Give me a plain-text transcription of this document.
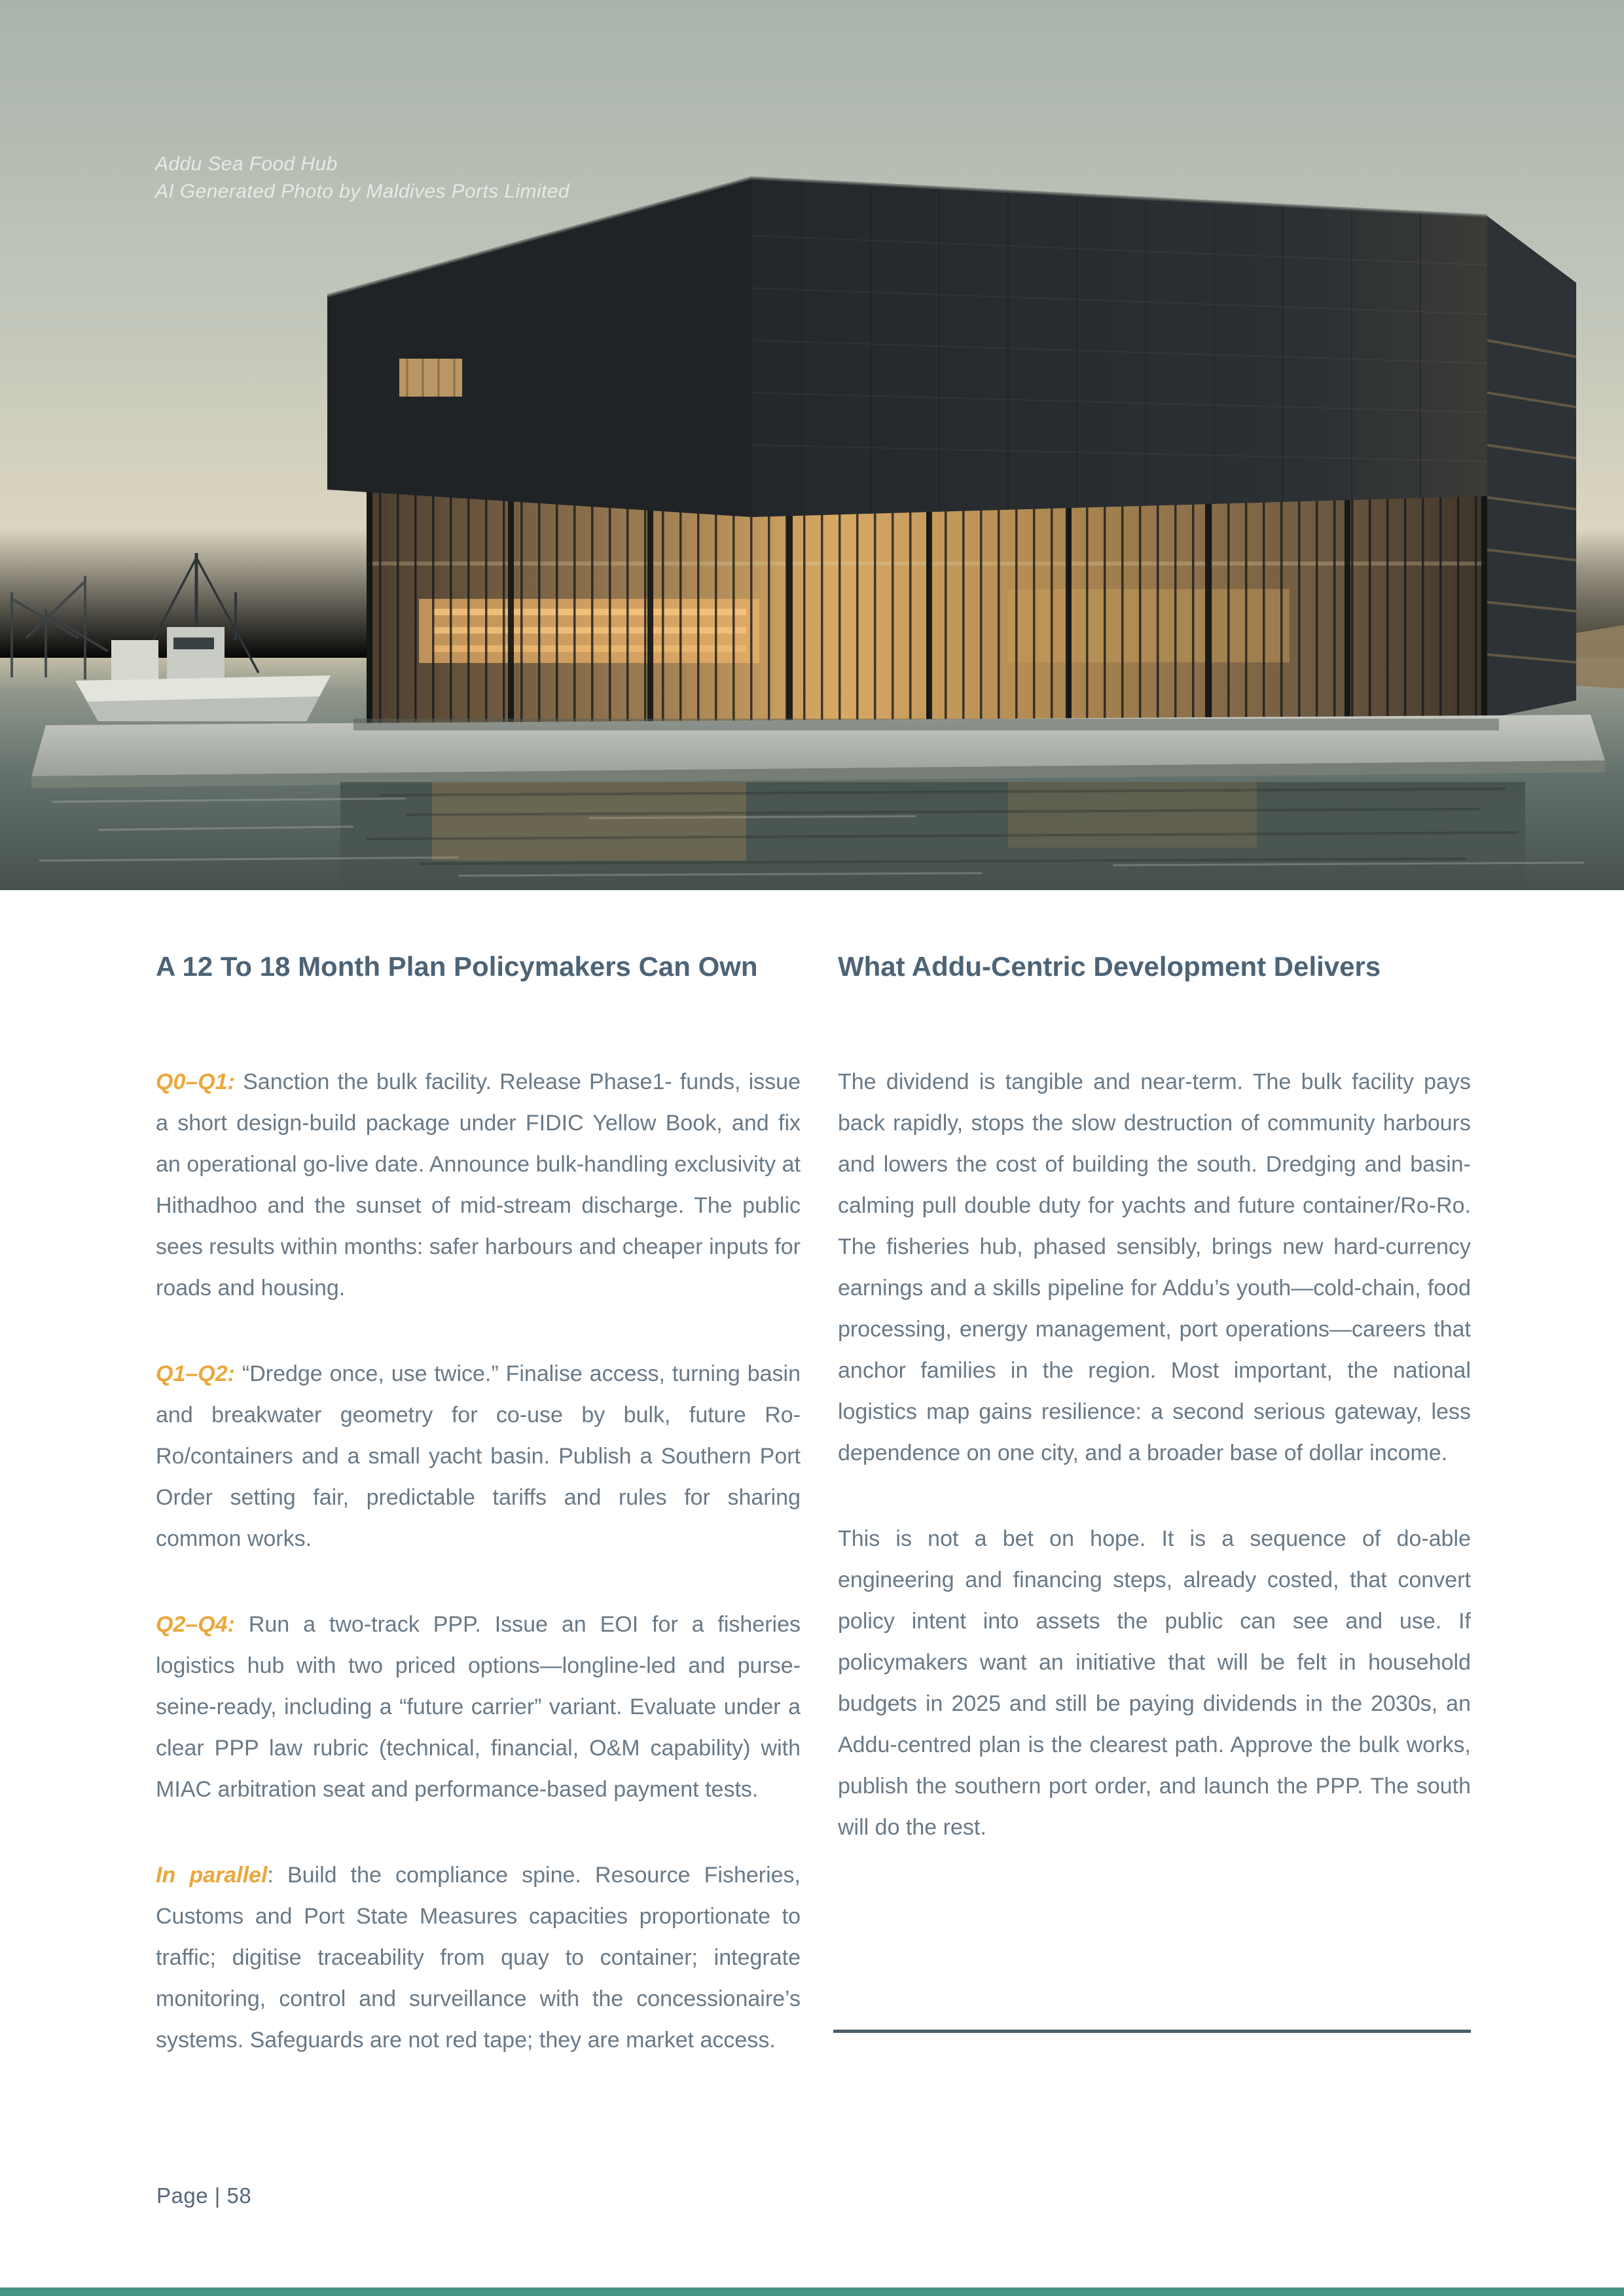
Addu Sea Food Hub
AI Generated Photo by Maldives Ports Limited
A 12 To 18 Month Plan Policymakers Can Own

Q0–Q1: Sanction the bulk facility. Release Phase1- funds, issue a short design-build package under FIDIC Yellow Book, and fix an operational go-live date. Announce bulk-handling exclusivity at Hithadhoo and the sunset of mid-stream discharge. The public sees results within months: safer harbours and cheaper inputs for roads and housing.

Q1–Q2: “Dredge once, use twice.” Finalise access, turning basin and breakwater geometry for co-use by bulk, future Ro-Ro/containers and a small yacht basin. Publish a Southern Port Order setting fair, predictable tariffs and rules for sharing common works.

Q2–Q4: Run a two-track PPP. Issue an EOI for a fisheries logistics hub with two priced options—longline-led and purse-seine-ready, including a “future carrier” variant. Evaluate under a clear PPP law rubric (technical, financial, O&M capability) with MIAC arbitration seat and performance-based payment tests.

In parallel: Build the compliance spine. Resource Fisheries, Customs and Port State Measures capacities proportionate to traffic; digitise traceability from quay to container; integrate monitoring, control and surveillance with the concessionaire’s systems. Safeguards are not red tape; they are market access.

What Addu-Centric Development Delivers

The dividend is tangible and near-term. The bulk facility pays back rapidly, stops the slow destruction of community harbours and lowers the cost of building the south. Dredging and basin-calming pull double duty for yachts and future container/Ro-Ro. The fisheries hub, phased sensibly, brings new hard-currency earnings and a skills pipeline for Addu’s youth—cold-chain, food processing, energy management, port operations—careers that anchor families in the region. Most important, the national logistics map gains resilience: a second serious gateway, less dependence on one city, and a broader base of dollar income.

This is not a bet on hope. It is a sequence of do-able engineering and financing steps, already costed, that convert policy intent into assets the public can see and use. If policymakers want an initiative that will be felt in household budgets in 2025 and still be paying dividends in the 2030s, an Addu-centred plan is the clearest path. Approve the bulk works, publish the southern port order, and launch the PPP. The south will do the rest.

Page | 58
